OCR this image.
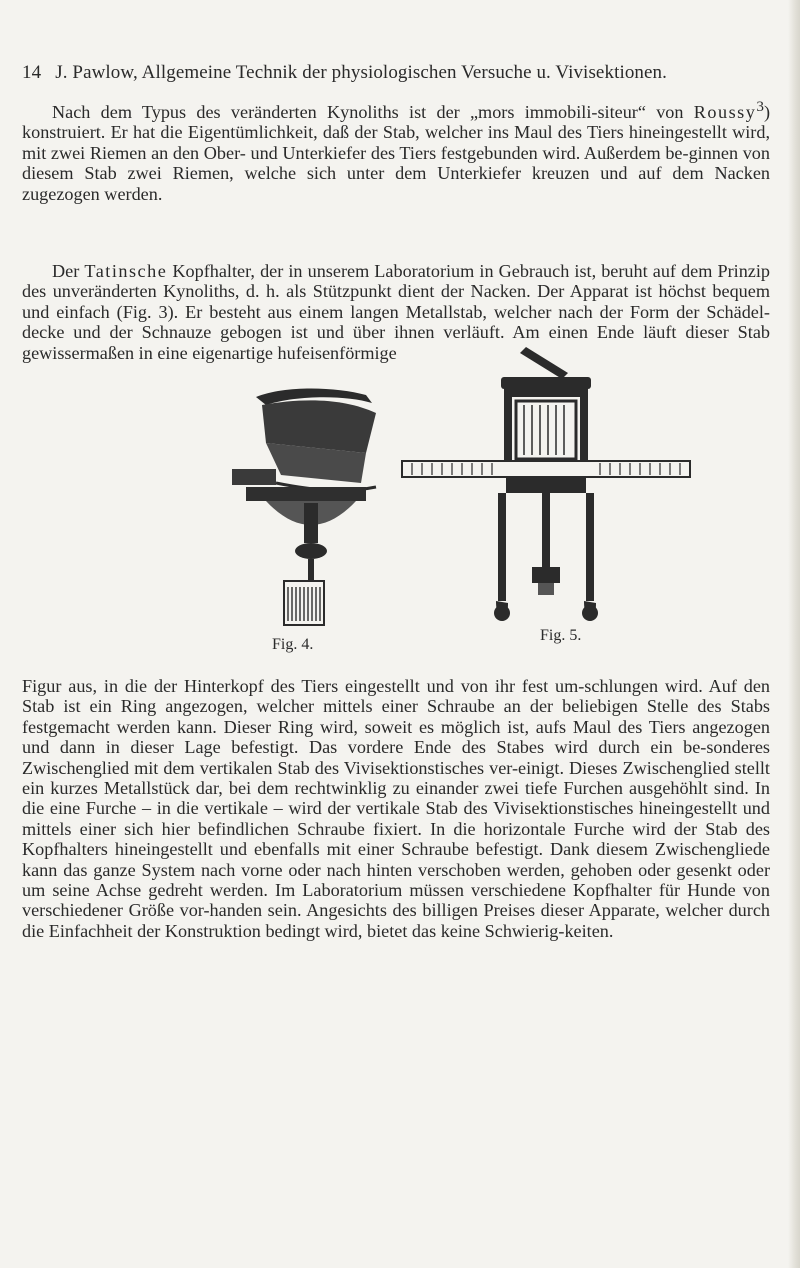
14 J. Pawlow, Allgemeine Technik der physiologischen Versuche u. Vivisektionen.

Nach dem Typus des veränderten Kynoliths ist der „mors immobili-siteur“ von Roussy$^3$) konstruiert. Er hat die Eigentümlichkeit, daß der Stab, welcher ins Maul des Tiers hineingestellt wird, mit zwei Riemen an den Ober- und Unterkiefer des Tiers festgebunden wird. Außerdem be-ginnen von diesem Stab zwei Riemen, welche sich unter dem Unterkiefer kreuzen und auf dem Nacken zugezogen werden.

Der Tatinsche Kopfhalter, der in unserem Laboratorium in Gebrauch ist, beruht auf dem Prinzip des unveränderten Kynoliths, d. h. als Stützpunkt dient der Nacken. Der Apparat ist höchst bequem und einfach (Fig. 3). Er besteht aus einem langen Metallstab, welcher nach der Form der Schädel-decke und der Schnauze gebogen ist und über ihnen verläuft. Am einen Ende läuft dieser Stab gewissermaßen in eine eigenartige hufeisenförmige

Fig. 4.
Fig. 5.

Figur aus, in die der Hinterkopf des Tiers eingestellt und von ihr fest um-schlungen wird. Auf den Stab ist ein Ring angezogen, welcher mittels einer Schraube an der beliebigen Stelle des Stabs festgemacht werden kann. Dieser Ring wird, soweit es möglich ist, aufs Maul des Tiers angezogen und dann in dieser Lage befestigt. Das vordere Ende des Stabes wird durch ein be-sonderes Zwischenglied mit dem vertikalen Stab des Vivisektionstisches ver-einigt. Dieses Zwischenglied stellt ein kurzes Metallstück dar, bei dem rechtwinklig zu einander zwei tiefe Furchen ausgehöhlt sind. In die eine Furche – in die vertikale – wird der vertikale Stab des Vivisektionstisches hineingestellt und mittels einer sich hier befindlichen Schraube fixiert. In die horizontale Furche wird der Stab des Kopfhalters hineingestellt und ebenfalls mit einer Schraube befestigt. Dank diesem Zwischengliede kann das ganze System nach vorne oder nach hinten verschoben werden, gehoben oder gesenkt oder um seine Achse gedreht werden. Im Laboratorium müssen verschiedene Kopfhalter für Hunde von verschiedener Größe vor-handen sein. Angesichts des billigen Preises dieser Apparate, welcher durch die Einfachheit der Konstruktion bedingt wird, bietet das keine Schwierig-keiten.
